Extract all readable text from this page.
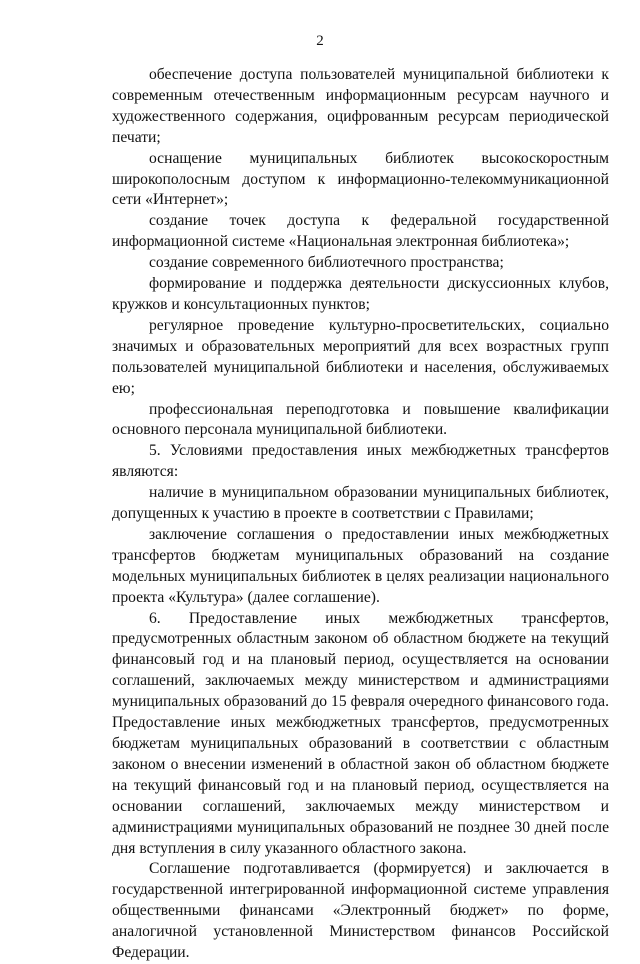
2

обеспечение доступа пользователей муниципальной библиотеки к современным отечественным информационным ресурсам научного и художественного содержания, оцифрованным ресурсам периодической печати;

оснащение муниципальных библиотек высокоскоростным широкополосным доступом к информационно-телекоммуникационной сети «Интернет»;

создание точек доступа к федеральной государственной информационной системе «Национальная электронная библиотека»;

создание современного библиотечного пространства;

формирование и поддержка деятельности дискуссионных клубов, кружков и консультационных пунктов;

регулярное проведение культурно-просветительских, социально значимых и образовательных мероприятий для всех возрастных групп пользователей муниципальной библиотеки и населения, обслуживаемых ею;

профессиональная переподготовка и повышение квалификации основного персонала муниципальной библиотеки.

5. Условиями предоставления иных межбюджетных трансфертов являются:

наличие в муниципальном образовании муниципальных библиотек, допущенных к участию в проекте в соответствии с Правилами;

заключение соглашения о предоставлении иных межбюджетных трансфертов бюджетам муниципальных образований на создание модельных муниципальных библиотек в целях реализации национального проекта «Культура» (далее соглашение).

6. Предоставление иных межбюджетных трансфертов, предусмотренных областным законом об областном бюджете на текущий финансовый год и на плановый период, осуществляется на основании соглашений, заключаемых между министерством и администрациями муниципальных образований до 15 февраля очередного финансового года. Предоставление иных межбюджетных трансфертов, предусмотренных бюджетам муниципальных образований в соответствии с областным законом о внесении изменений в областной закон об областном бюджете на текущий финансовый год и на плановый период, осуществляется на основании соглашений, заключаемых между министерством и администрациями муниципальных образований не позднее 30 дней после дня вступления в силу указанного областного закона.

Соглашение подготавливается (формируется) и заключается в государственной интегрированной информационной системе управления общественными финансами «Электронный бюджет» по форме, аналогичной установленной Министерством финансов Российской Федерации.
